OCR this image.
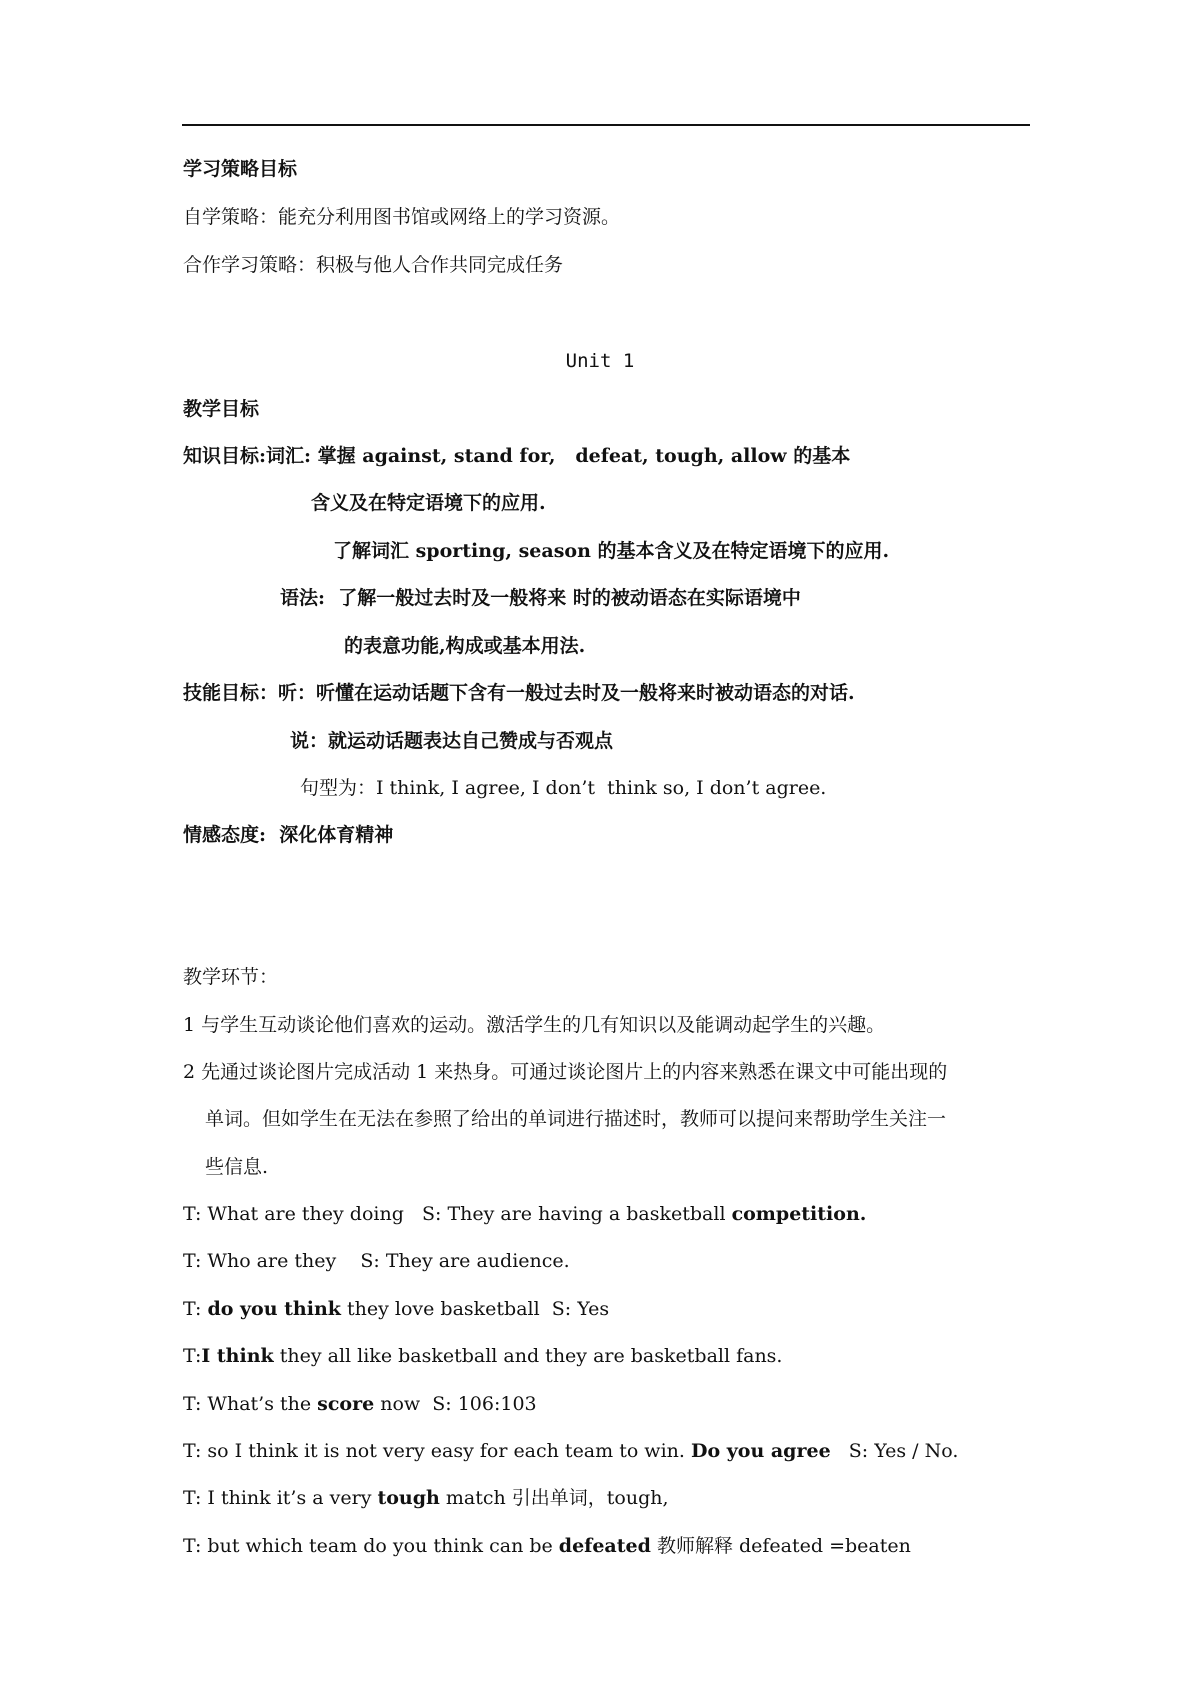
学习策略目标
自学策略：能充分利用图书馆或网络上的学习资源。
合作学习策略：积极与他人合作共同完成任务
Unit 1
教学目标
知识目标:词汇: 掌握 against, stand for,   defeat, tough, allow 的基本
含义及在特定语境下的应用.
了解词汇 sporting, season 的基本含义及在特定语境下的应用.
语法:  了解一般过去时及一般将来 时的被动语态在实际语境中
的表意功能,构成或基本用法.
技能目标：听：听懂在运动话题下含有一般过去时及一般将来时被动语态的对话.
说：就运动话题表达自己赞成与否观点
句型为：I think, I agree, I don’t  think so, I don’t agree.
情感态度:  深化体育精神
教学环节：
1 与学生互动谈论他们喜欢的运动。激活学生的几有知识以及能调动起学生的兴趣。
2 先通过谈论图片完成活动 1 来热身。可通过谈论图片上的内容来熟悉在课文中可能出现的
单词。但如学生在无法在参照了给出的单词进行描述时，教师可以提问来帮助学生关注一
些信息.
T: What are they doing   S: They are having a basketball competition.
T: Who are they    S: They are audience.
T: do you think they love basketball  S: Yes
T:I think they all like basketball and they are basketball fans.
T: What’s the score now  S: 106:103
T: so I think it is not very easy for each team to win. Do you agree   S: Yes / No.
T: I think it’s a very tough match 引出单词，tough,
T: but which team do you think can be defeated 教师解释 defeated =beaten
